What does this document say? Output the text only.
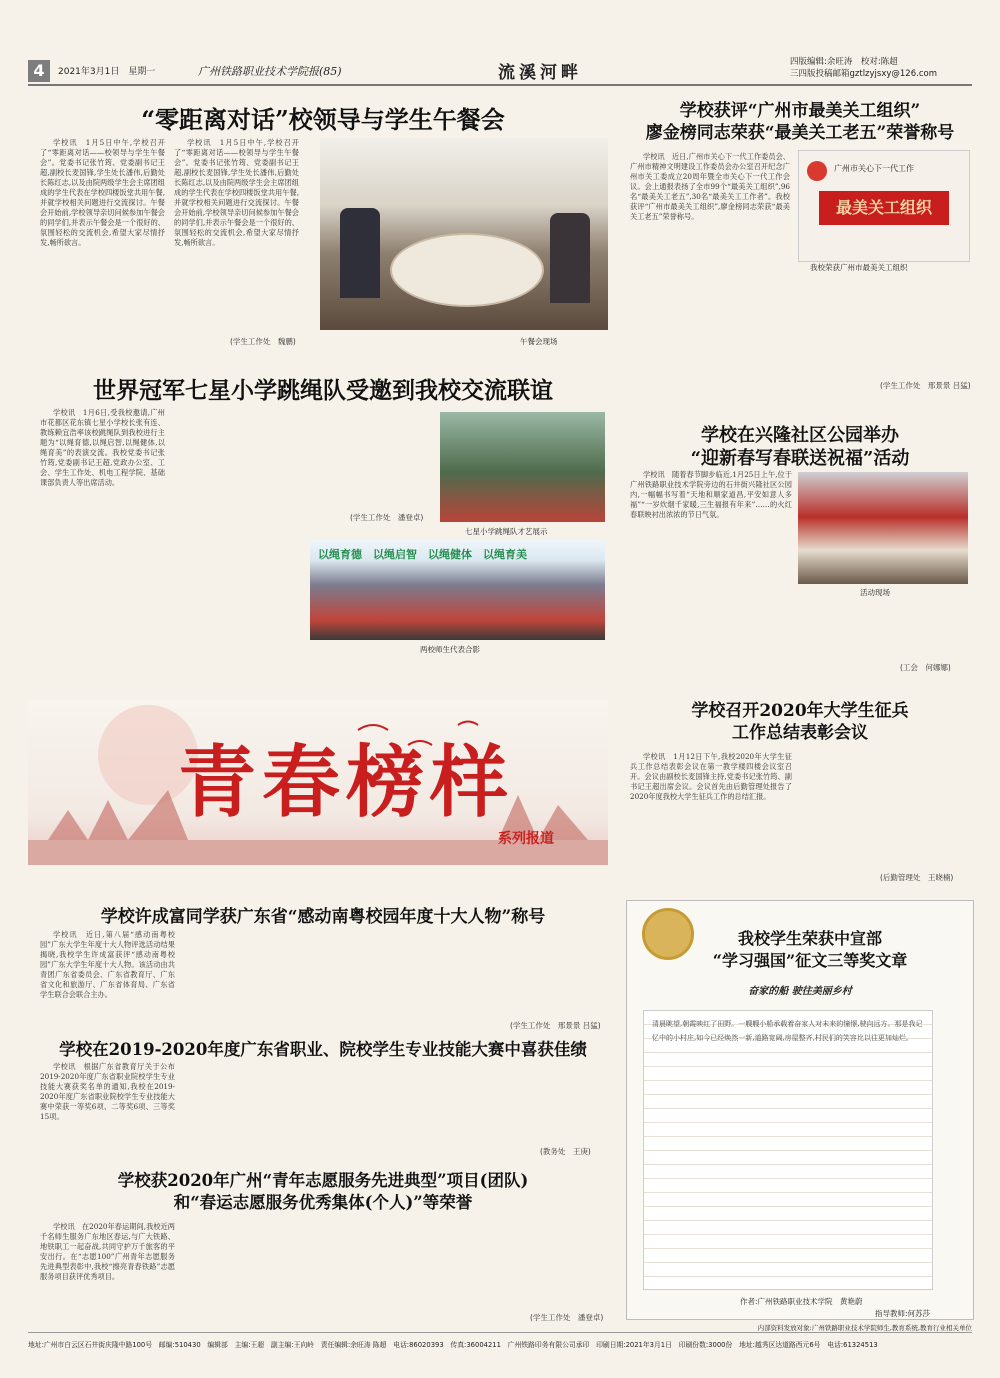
4	2021年3月1日　星期一	广州铁路职业技术学院报(85)	流溪河畔
四版编辑:余旺涛　校对:陈超
三四版投稿邮箱gztlzyjsxy@126.com
“零距离对话”校领导与学生午餐会

学校讯　1月5日中午,学校召开了“零距离对话——校领导与学生午餐会”。党委书记张竹筠、党委副书记王超,副校长麦国锋,学生处长潘伟,后勤处长陈红志,以及由院两级学生会主席团组成的学生代表在学校四楼饭堂共用午餐,并就学校相关问题进行交流探讨。午餐会开始前,学校领导亲切问候参加午餐会的同学们,并表示午餐会是一个很好的、氛围轻松的交流机会,希望大家尽情抒发,畅所欲言。

学校讯　1月5日中午,学校召开了“零距离对话——校领导与学生午餐会”。党委书记张竹筠、党委副书记王超,副校长麦国锋,学生处长潘伟,后勤处长陈红志,以及由院两级学生会主席团组成的学生代表在学校四楼饭堂共用午餐,并就学校相关问题进行交流探讨。午餐会开始前,学校领导亲切问候参加午餐会的同学们,并表示午餐会是一个很好的、氛围轻松的交流机会,希望大家尽情抒发,畅所欲言。

午餐会现场
(学生工作处　魏鹏)
学校获评“广州市最美关工组织”
廖金榜同志荣获“最美关工老五”荣誉称号

学校讯　近日,广州市关心下一代工作委员会、广州市精神文明建设工作委员会办公室召开纪念广州市关工委成立20周年暨全市关心下一代工作会议。会上通报表扬了全市99个“最美关工组织”,96名“最美关工老五”,30名“最美关工工作者”。我校获评“广州市最美关工组织”,廖金榜同志荣获“最美关工老五”荣誉称号。

广州市关心下一代工作
最美关工组织
我校荣获广州市最美关工组织
(学生工作处　邢景景 吕猛)
世界冠军七星小学跳绳队受邀到我校交流联谊

学校讯　1月6日,受我校邀请,广州市花都区花东镇七星小学校长张有连、教练赖宜浩率该校跳绳队到我校进行主题为“以绳育德,以绳启智,以绳健体,以绳育美”的表演交流。我校党委书记张竹筠,党委副书记王超,党政办公室、工会、学生工作处、机电工程学院、基础课部负责人等出席活动。

七星小学跳绳队才艺展示
以绳育德　以绳启智　以绳健体　以绳育美
两校师生代表合影
(学生工作处　潘登卓)
学校在兴隆社区公园举办
“迎新春写春联送祝福”活动

学校讯　随着春节脚步临近,1月25日上午,位于广州铁路职业技术学院旁边的石井街兴隆社区公园内,一幅幅书写着“天地和顺家道昌,平安如意人多福”“一岁炊烟千家暖,三生福报有年来”……的火红春联映衬出浓浓的节日气氛。

活动现场
(工会　何娜娜)
青春榜样
系列报道
学校召开2020年大学生征兵
工作总结表彰会议

学校讯　1月12日下午,我校2020年大学生征兵工作总结表彰会议在第一教学楼四楼会议室召开。会议由副校长麦国锋主持,党委书记张竹筠、副书记王超出席会议。会议首先由后勤管理处报告了2020年度我校大学生征兵工作的总结汇报。

(后勤管理处　王晓楠)
学校许成富同学获广东省“感动南粤校园年度十大人物”称号

学校讯　近日,第八届“感动南粤校园”广东大学生年度十大人物评选活动结果揭晓,我校学生许成富获评“感动南粤校园”广东大学生年度十大人物。该活动由共青团广东省委员会、广东省教育厅、广东省文化和旅游厅、广东省体育局、广东省学生联合会联合主办。

(学生工作处　邢景景 吕猛)
学校在2019-2020年度广东省职业、院校学生专业技能大赛中喜获佳绩

学校讯　根据广东省教育厅关于公布2019-2020年度广东省职业院校学生专业技能大赛获奖名单的通知,我校在2019-2020年度广东省职业院校学生专业技能大赛中荣获一等奖6项、二等奖6项、三等奖15项。

(教务处　王庚)
学校获2020年广州“青年志愿服务先进典型”项目(团队)
和“春运志愿服务优秀集体(个人)”等荣誉

学校讯　在2020年春运期间,我校近两千名师生服务广东地区春运,与广大铁路、地铁职工一起奋战,共同守护万千旅客的平安出行。在“志愿100”广州青年志愿服务先进典型表彰中,我校“擦亮青春铁路”志愿服务项目获评优秀项目。

(学生工作处　潘登卓)
我校学生荣获中宣部
“学习强国”征文三等奖文章
奋家的船 驶往美丽乡村
清晨眺望,朝霞映红了田野。一艘艘小船承载着奋家人对未来的憧憬,驶向远方。那是我记忆中的小村庄,如今已经焕然一新,道路宽阔,房屋整齐,村民们的笑容比以往更加灿烂。
作者:广州铁路职业技术学院　黄艳蔚
指导教师:何苏莎
内部资料发放对象:广州铁路职业技术学院师生,教育系统,教育行业相关单位
地址:广州市白云区石井街庆隆中路100号　邮编:510430　编辑部　主编:王超　副主编:王向岭　责任编辑:余旺涛 陈超　电话:86020393　传真:36004211　广州铁路印务有限公司承印　印刷日期:2021年3月1日　印刷份数:3000份　地址:越秀区达道路西元6号　电话:61324513
